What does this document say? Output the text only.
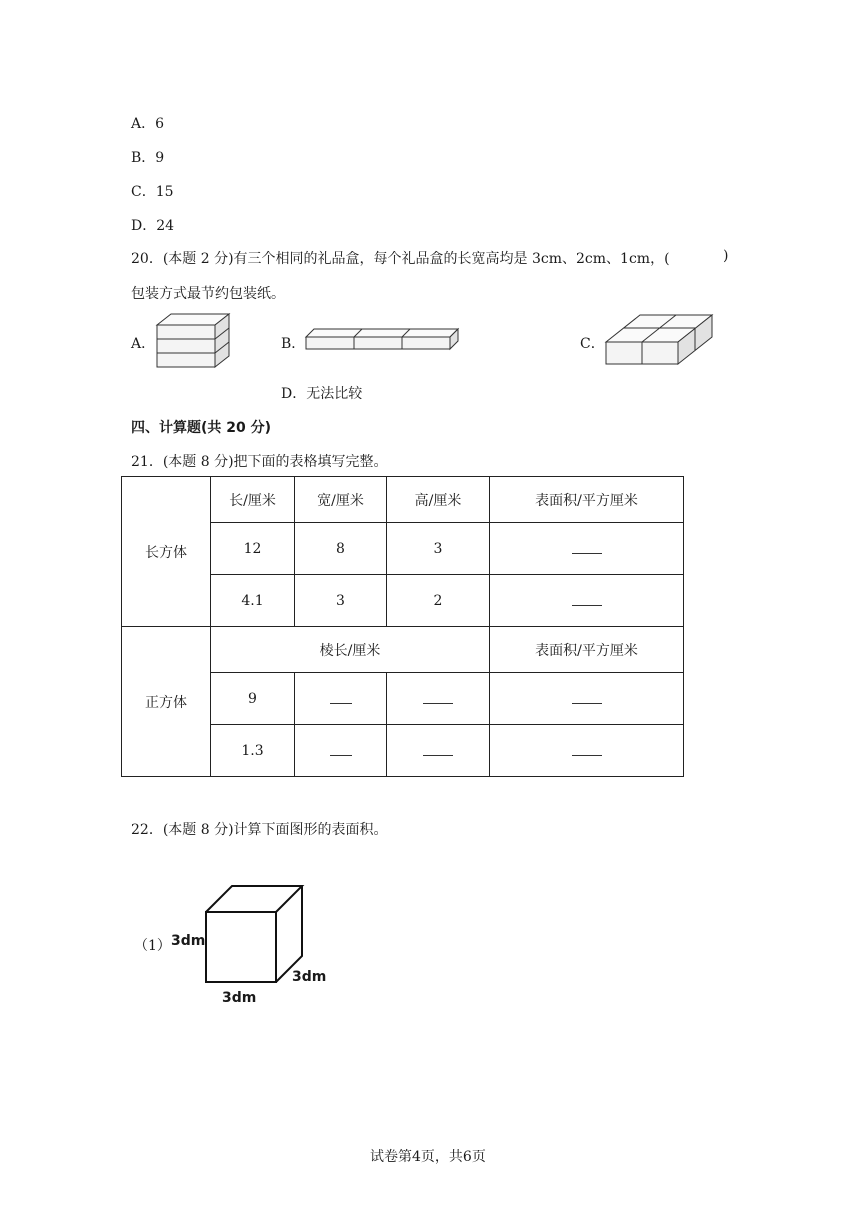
A．6
B．9
C．15
D．24
20．(本题 2 分)有三个相同的礼品盒，每个礼品盒的长宽高均是 3cm、2cm、1cm，(	)
包装方式最节约包装纸。
A．	B．	C．
D．无法比较
四、计算题(共 20 分)
21．(本题 8 分)把下面的表格填写完整。
长方体	长/厘米	宽/厘米	高/厘米	表面积/平方厘米
	12	8	3	
	4.1	3	2	
正方体	棱长/厘米			表面积/平方厘米
	9			
	1.3			
22．(本题 8 分)计算下面图形的表面积。
（1） 3dm
3dm
3dm
试卷第4页，共6页
